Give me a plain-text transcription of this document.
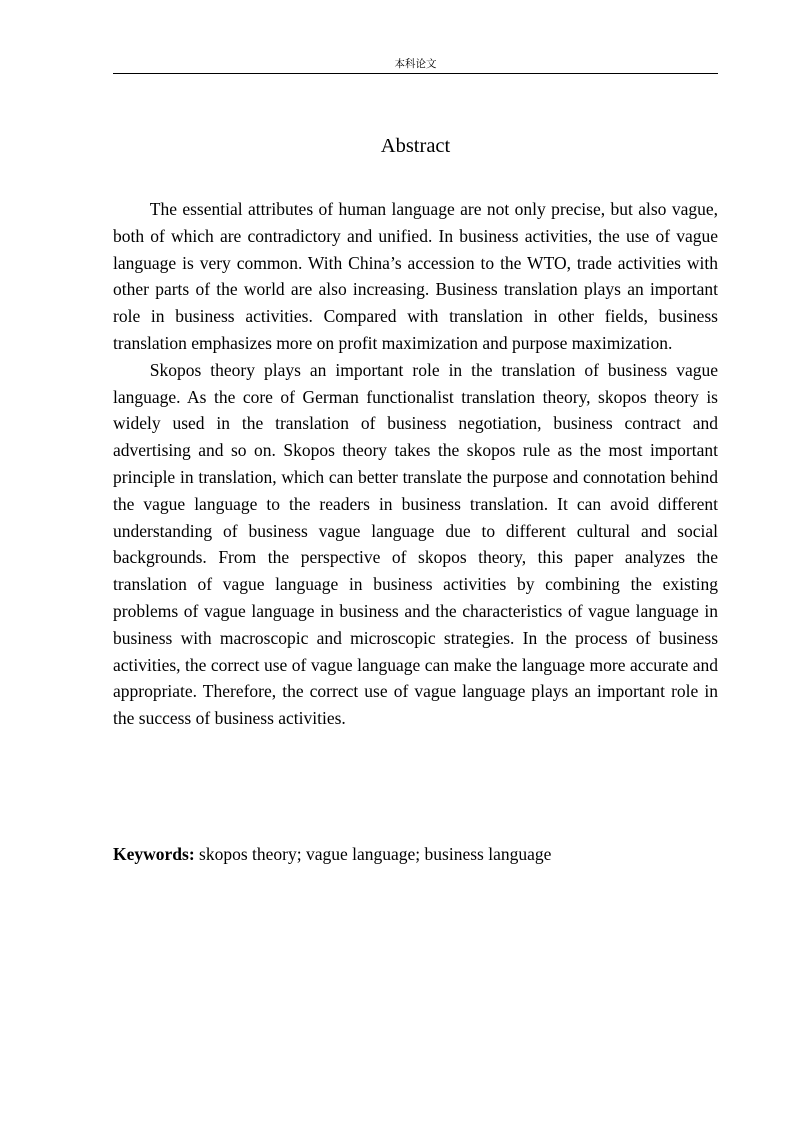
本科论文
Abstract

The essential attributes of human language are not only precise, but also vague, both of which are contradictory and unified. In business activities, the use of vague language is very common. With China’s accession to the WTO, trade activities with other parts of the world are also increasing. Business translation plays an important role in business activities. Compared with translation in other fields, business translation emphasizes more on profit maximization and purpose maximization.

Skopos theory plays an important role in the translation of business vague language. As the core of German functionalist translation theory, skopos theory is widely used in the translation of business negotiation, business contract and advertising and so on. Skopos theory takes the skopos rule as the most important principle in translation, which can better translate the purpose and connotation behind the vague language to the readers in business translation. It can avoid different understanding of business vague language due to different cultural and social backgrounds. From the perspective of skopos theory, this paper analyzes the translation of vague language in business activities by combining the existing problems of vague language in business and the characteristics of vague language in business with macroscopic and microscopic strategies. In the process of business activities, the correct use of vague language can make the language more accurate and appropriate. Therefore, the correct use of vague language plays an important role in the success of business activities.

Keywords: skopos theory; vague language; business language
